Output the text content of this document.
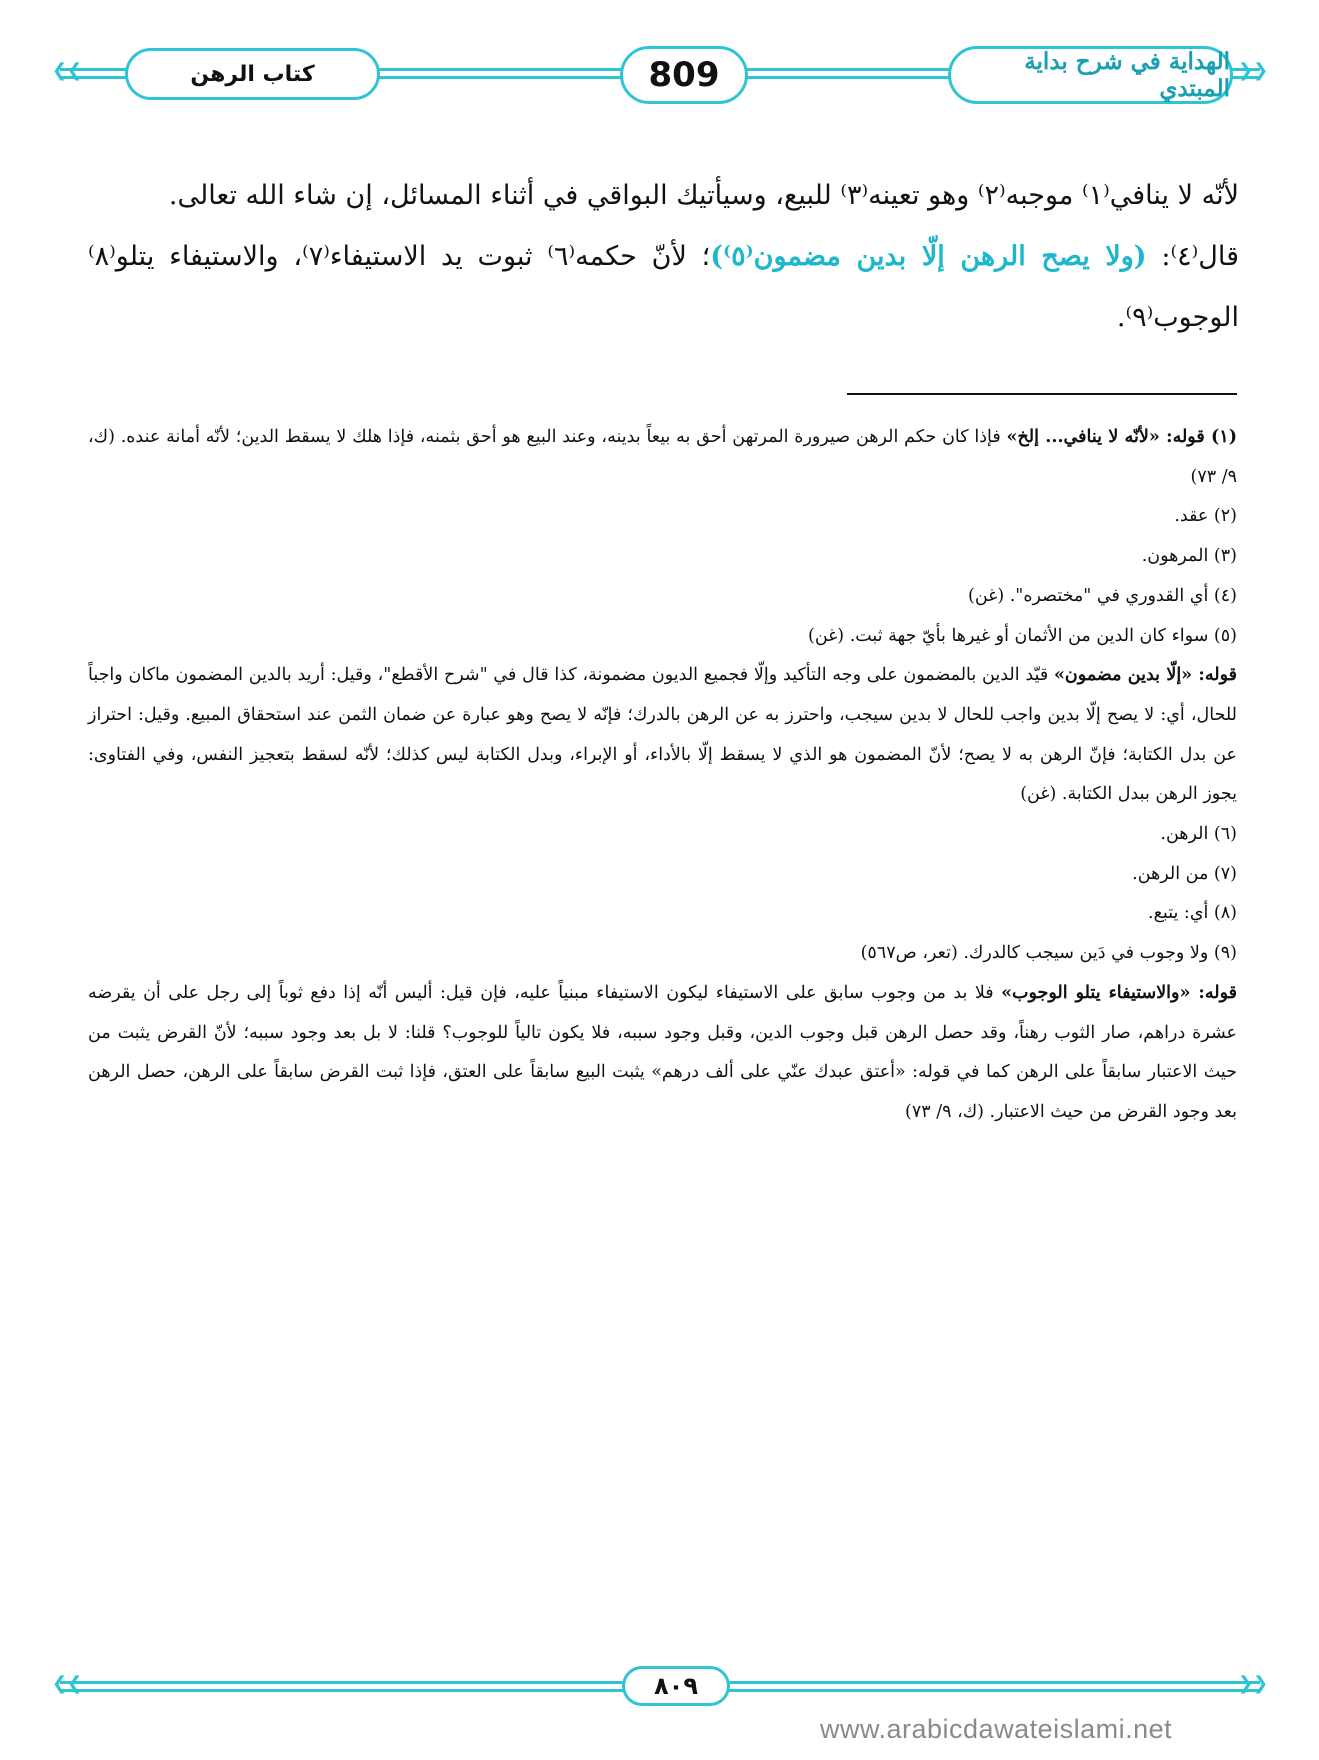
❮❮	❯❯
كتاب الرهن	809	الهداية في شرح بداية المبتدي

لأنّه لا ينافي⁽١⁾ موجبه⁽٢⁾ وهو تعينه⁽٣⁾ للبيع، وسيأتيك البواقي في أثناء المسائل، إن شاء الله تعالى.

قال⁽٤⁾: (ولا يصح الرهن إلّا بدين مضمون⁽٥⁾)؛ لأنّ حكمه⁽٦⁾ ثبوت يد الاستيفاء⁽٧⁾، والاستيفاء يتلو⁽٨⁾ الوجوب⁽٩⁾.

(١) قوله: «لأنّه لا ينافي... إلخ» فإذا كان حكم الرهن صيرورة المرتهن أحق به بيعاً بدينه، وعند البيع هو أحق بثمنه، فإذا هلك لا يسقط الدين؛ لأنّه أمانة عنده. (ك، ٩/ ٧٣)

(٢) عقد.

(٣) المرهون.

(٤) أي القدوري في "مختصره". (غن)

(٥) سواء كان الدين من الأثمان أو غيرها بأيّ جهة ثبت. (غن)

قوله: «إلّا بدين مضمون» قيّد الدين بالمضمون على وجه التأكيد وإلّا فجميع الديون مضمونة، كذا قال في "شرح الأقطع"، وقيل: أريد بالدين المضمون ماكان واجباً للحال، أي: لا يصح إلّا بدين واجب للحال لا بدين سيجب، واحترز به عن الرهن بالدرك؛ فإنّه لا يصح وهو عبارة عن ضمان الثمن عند استحقاق المبيع. وقيل: احتراز عن بدل الكتابة؛ فإنّ الرهن به لا يصح؛ لأنّ المضمون هو الذي لا يسقط إلّا بالأداء، أو الإبراء، وبدل الكتابة ليس كذلك؛ لأنّه لسقط بتعجيز النفس، وفي الفتاوى: يجوز الرهن ببدل الكتابة. (غن)

(٦) الرهن.

(٧) من الرهن.

(٨) أي: يتبع.

(٩) ولا وجوب في دَين سيجب كالدرك. (تعر، ص٥٦٧)

قوله: «والاستيفاء يتلو الوجوب» فلا بد من وجوب سابق على الاستيفاء ليكون الاستيفاء مبنياً عليه، فإن قيل: أليس أنّه إذا دفع ثوباً إلى رجل على أن يقرضه عشرة دراهم، صار الثوب رهناً، وقد حصل الرهن قبل وجوب الدين، وقبل وجود سببه، فلا يكون تالياً للوجوب؟ قلنا: لا بل بعد وجود سببه؛ لأنّ القرض يثبت من حيث الاعتبار سابقاً على الرهن كما في قوله: «أعتق عبدك عنّي على ألف درهم» يثبت البيع سابقاً على العتق، فإذا ثبت القرض سابقاً على الرهن، حصل الرهن بعد وجود القرض من حيث الاعتبار. (ك، ٩/ ٧٣)

❮❮	❯❯
٨٠٩
www.arabicdawateislami.net
